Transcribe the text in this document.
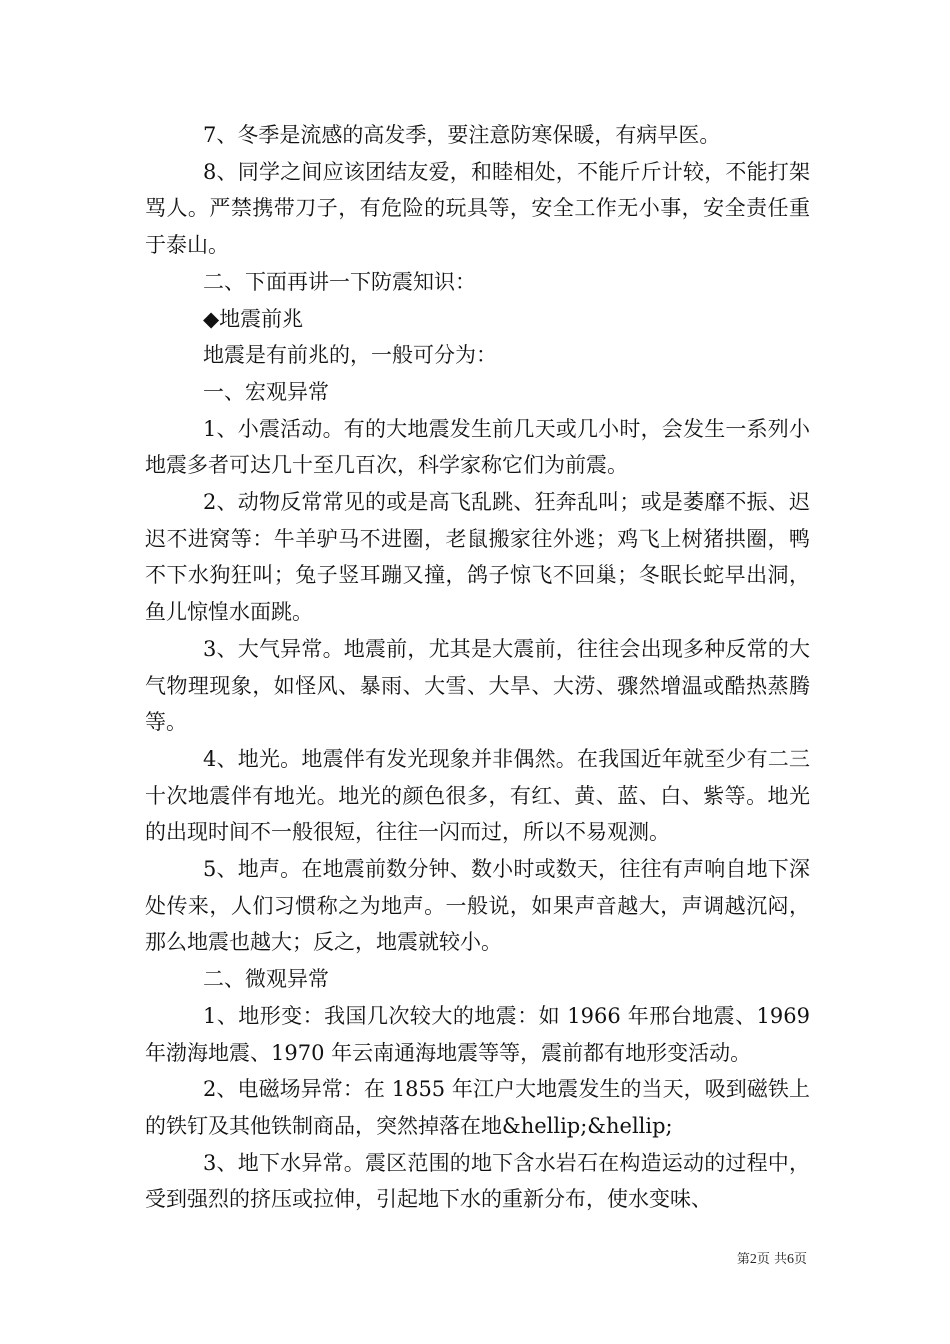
7、冬季是流感的高发季，要注意防寒保暖，有病早医。

8、同学之间应该团结友爱，和睦相处，不能斤斤计较，不能打架骂人。严禁携带刀子，有危险的玩具等，安全工作无小事，安全责任重于泰山。

二、下面再讲一下防震知识：

◆地震前兆

地震是有前兆的，一般可分为：

一、宏观异常

1、小震活动。有的大地震发生前几天或几小时，会发生一系列小地震多者可达几十至几百次，科学家称它们为前震。

2、动物反常常见的或是高飞乱跳、狂奔乱叫；或是萎靡不振、迟迟不进窝等：牛羊驴马不进圈，老鼠搬家往外逃；鸡飞上树猪拱圈，鸭不下水狗狂叫；兔子竖耳蹦又撞，鸽子惊飞不回巢；冬眠长蛇早出洞，鱼儿惊惶水面跳。

3、大气异常。地震前，尤其是大震前，往往会出现多种反常的大气物理现象，如怪风、暴雨、大雪、大旱、大涝、骤然增温或酷热蒸腾等。

4、地光。地震伴有发光现象并非偶然。在我国近年就至少有二三十次地震伴有地光。地光的颜色很多，有红、黄、蓝、白、紫等。地光的出现时间不一般很短，往往一闪而过，所以不易观测。

5、地声。在地震前数分钟、数小时或数天，往往有声响自地下深处传来，人们习惯称之为地声。一般说，如果声音越大，声调越沉闷，那么地震也越大；反之，地震就较小。

二、微观异常

1、地形变：我国几次较大的地震：如 1966 年邢台地震、1969 年渤海地震、1970 年云南通海地震等等，震前都有地形变活动。

2、电磁场异常：在 1855 年江户大地震发生的当天，吸到磁铁上的铁钉及其他铁制商品，突然掉落在地&hellip;&hellip;

3、地下水异常。震区范围的地下含水岩石在构造运动的过程中，受到强烈的挤压或拉伸，引起地下水的重新分布，使水变味、

第2页 共6页
